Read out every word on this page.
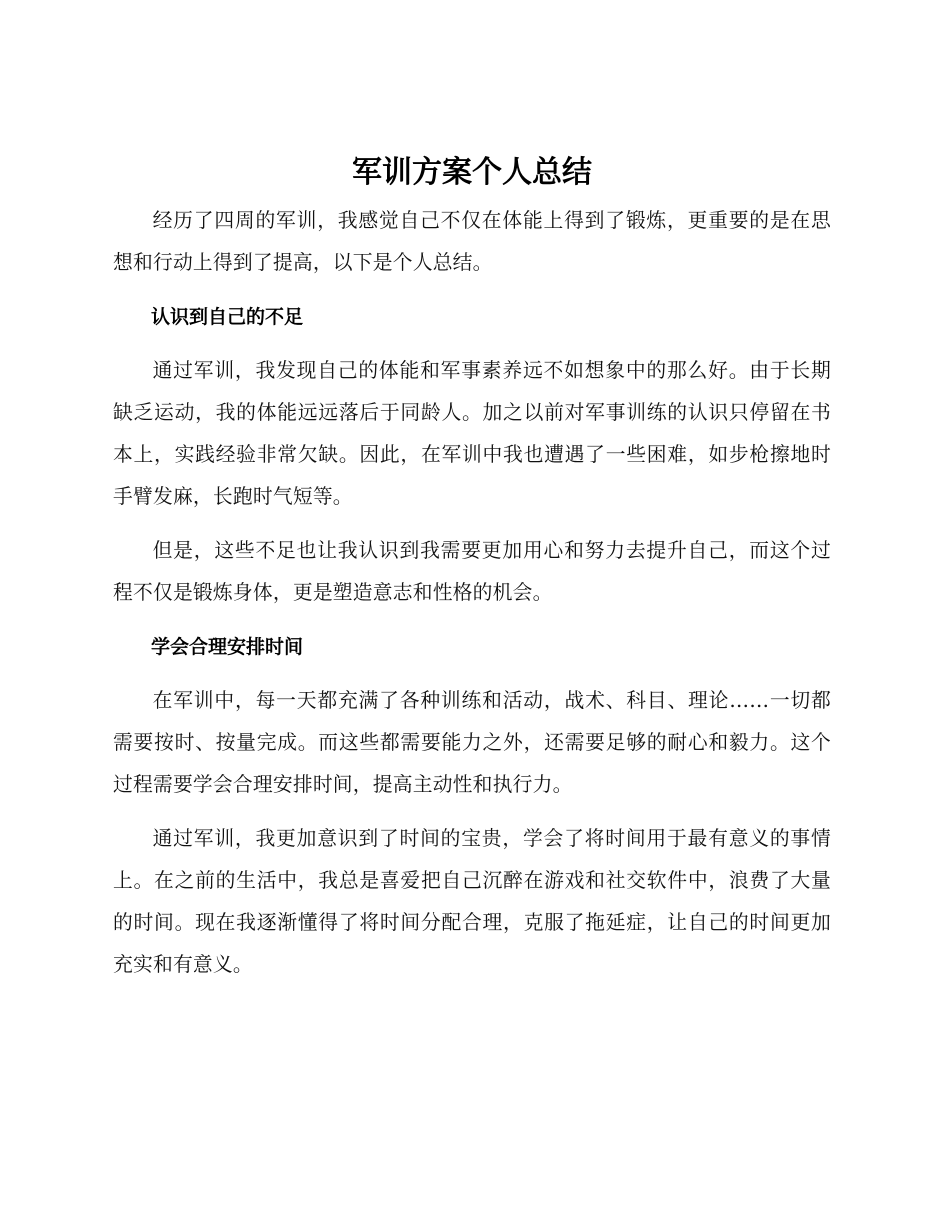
军训方案个人总结

经历了四周的军训，我感觉自己不仅在体能上得到了锻炼，更重要的是在思想和行动上得到了提高，以下是个人总结。

认识到自己的不足

通过军训，我发现自己的体能和军事素养远不如想象中的那么好。由于长期缺乏运动，我的体能远远落后于同龄人。加之以前对军事训练的认识只停留在书本上，实践经验非常欠缺。因此，在军训中我也遭遇了一些困难，如步枪擦地时手臂发麻，长跑时气短等。

但是，这些不足也让我认识到我需要更加用心和努力去提升自己，而这个过程不仅是锻炼身体，更是塑造意志和性格的机会。

学会合理安排时间

在军训中，每一天都充满了各种训练和活动，战术、科目、理论……一切都需要按时、按量完成。而这些都需要能力之外，还需要足够的耐心和毅力。这个过程需要学会合理安排时间，提高主动性和执行力。

通过军训，我更加意识到了时间的宝贵，学会了将时间用于最有意义的事情上。在之前的生活中，我总是喜爱把自己沉醉在游戏和社交软件中，浪费了大量的时间。现在我逐渐懂得了将时间分配合理，克服了拖延症，让自己的时间更加充实和有意义。
